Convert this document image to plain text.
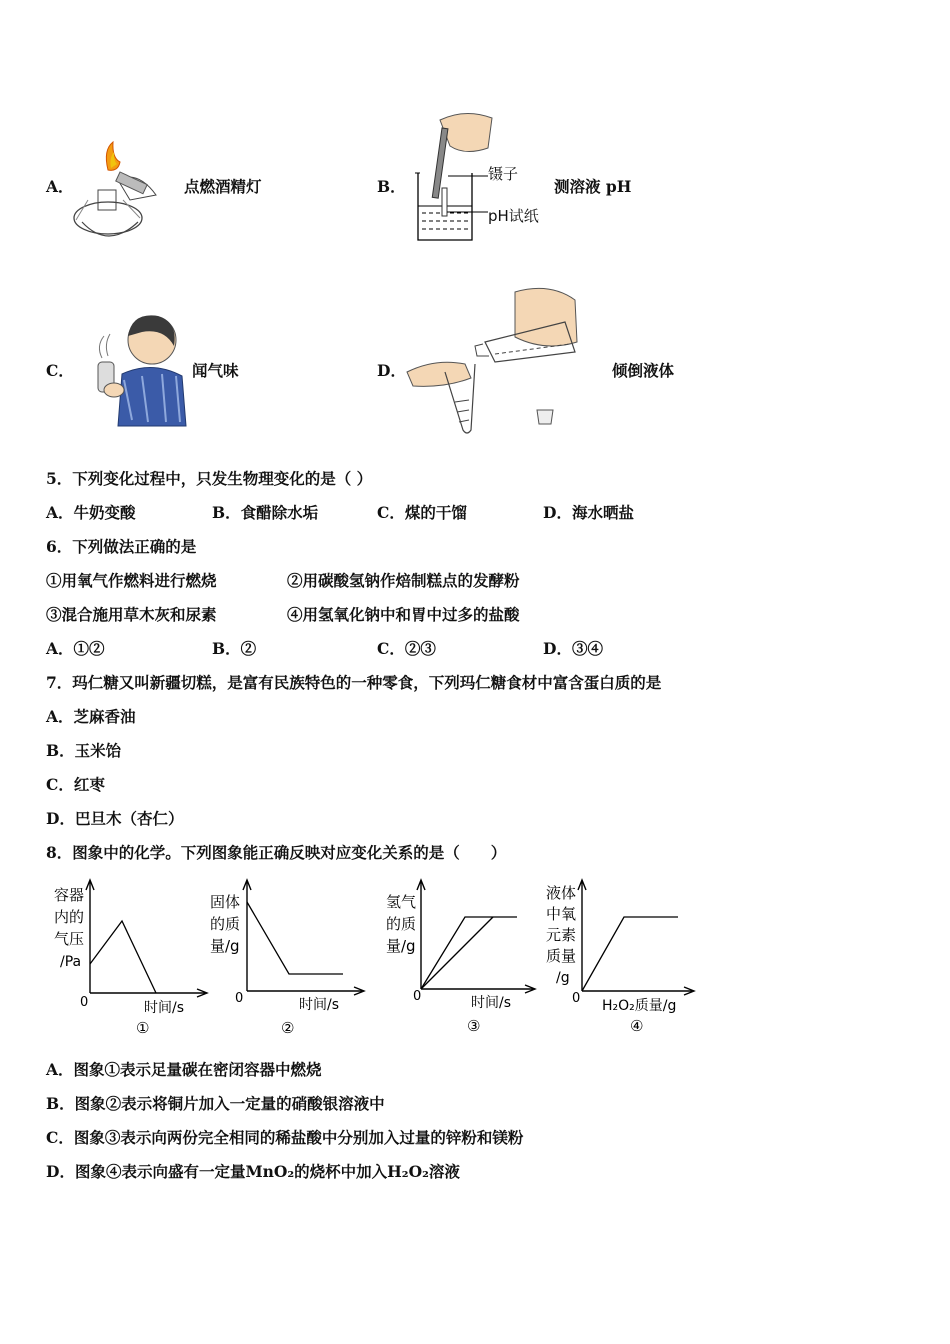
A．	点燃酒精灯	B．
镊子
pH试纸
测溶液 pH
C．	闻气味	D．	倾倒液体
5．下列变化过程中，只发生物理变化的是（ ）
A．牛奶变酸	B．食醋除水垢	C．煤的干馏	D．海水晒盐
6．下列做法正确的是
①用氧气作燃料进行燃烧	②用碳酸氢钠作焙制糕点的发酵粉
③混合施用草木灰和尿素	④用氢氧化钠中和胃中过多的盐酸
A．①②	B．②	C．②③	D．③④
7．玛仁糖又叫新疆切糕，是富有民族特色的一种零食，下列玛仁糖食材中富含蛋白质的是
A．芝麻香油
B．玉米饴
C．红枣
D．巴旦木（杏仁）
8．图象中的化学。下列图象能正确反映对应变化关系的是（　　）
容器
内的
气压
/Pa
0	时间/s
①
固体
的质
量/g
0	时间/s
②
氢气
的质
量/g
0	时间/s
③
液体
中氧
元素
质量
/g
0 H₂O₂质量/g
④
A．图象①表示足量碳在密闭容器中燃烧
B．图象②表示将铜片加入一定量的硝酸银溶液中
C．图象③表示向两份完全相同的稀盐酸中分别加入过量的锌粉和镁粉
D．图象④表示向盛有一定量MnO₂的烧杯中加入H₂O₂溶液
